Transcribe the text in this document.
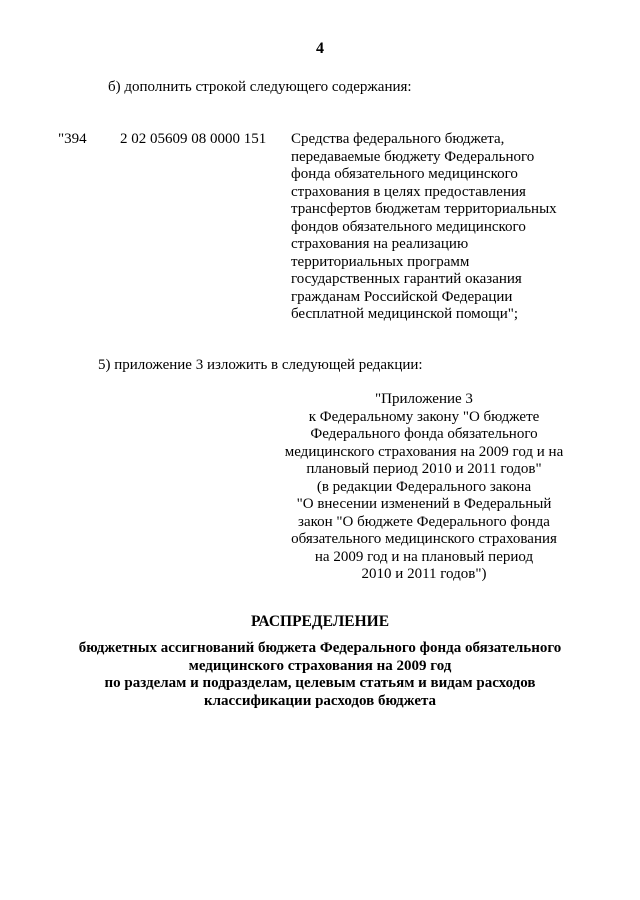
4

б) дополнить строкой следующего содержания:

"394 2 02 05609 08 0000 151 Средства федерального бюджета,
передаваемые бюджету Федерального
фонда обязательного медицинского
страхования в целях предоставления
трансфертов бюджетам территориальных
фондов обязательного медицинского
страхования на реализацию
территориальных программ
государственных гарантий оказания
гражданам Российской Федерации
бесплатной медицинской помощи";

5) приложение 3 изложить в следующей редакции:

"Приложение 3
к Федеральному закону "О бюджете
Федерального фонда обязательного
медицинского страхования на 2009 год и на
плановый период 2010 и 2011 годов"
(в редакции Федерального закона
"О внесении изменений в Федеральный
закон "О бюджете Федерального фонда
обязательного медицинского страхования
на 2009 год и на плановый период
2010 и 2011 годов")
РАСПРЕДЕЛЕНИЕ
бюджетных ассигнований бюджета Федерального фонда обязательного
медицинского страхования на 2009 год
по разделам и подразделам, целевым статьям и видам расходов
классификации расходов бюджета
